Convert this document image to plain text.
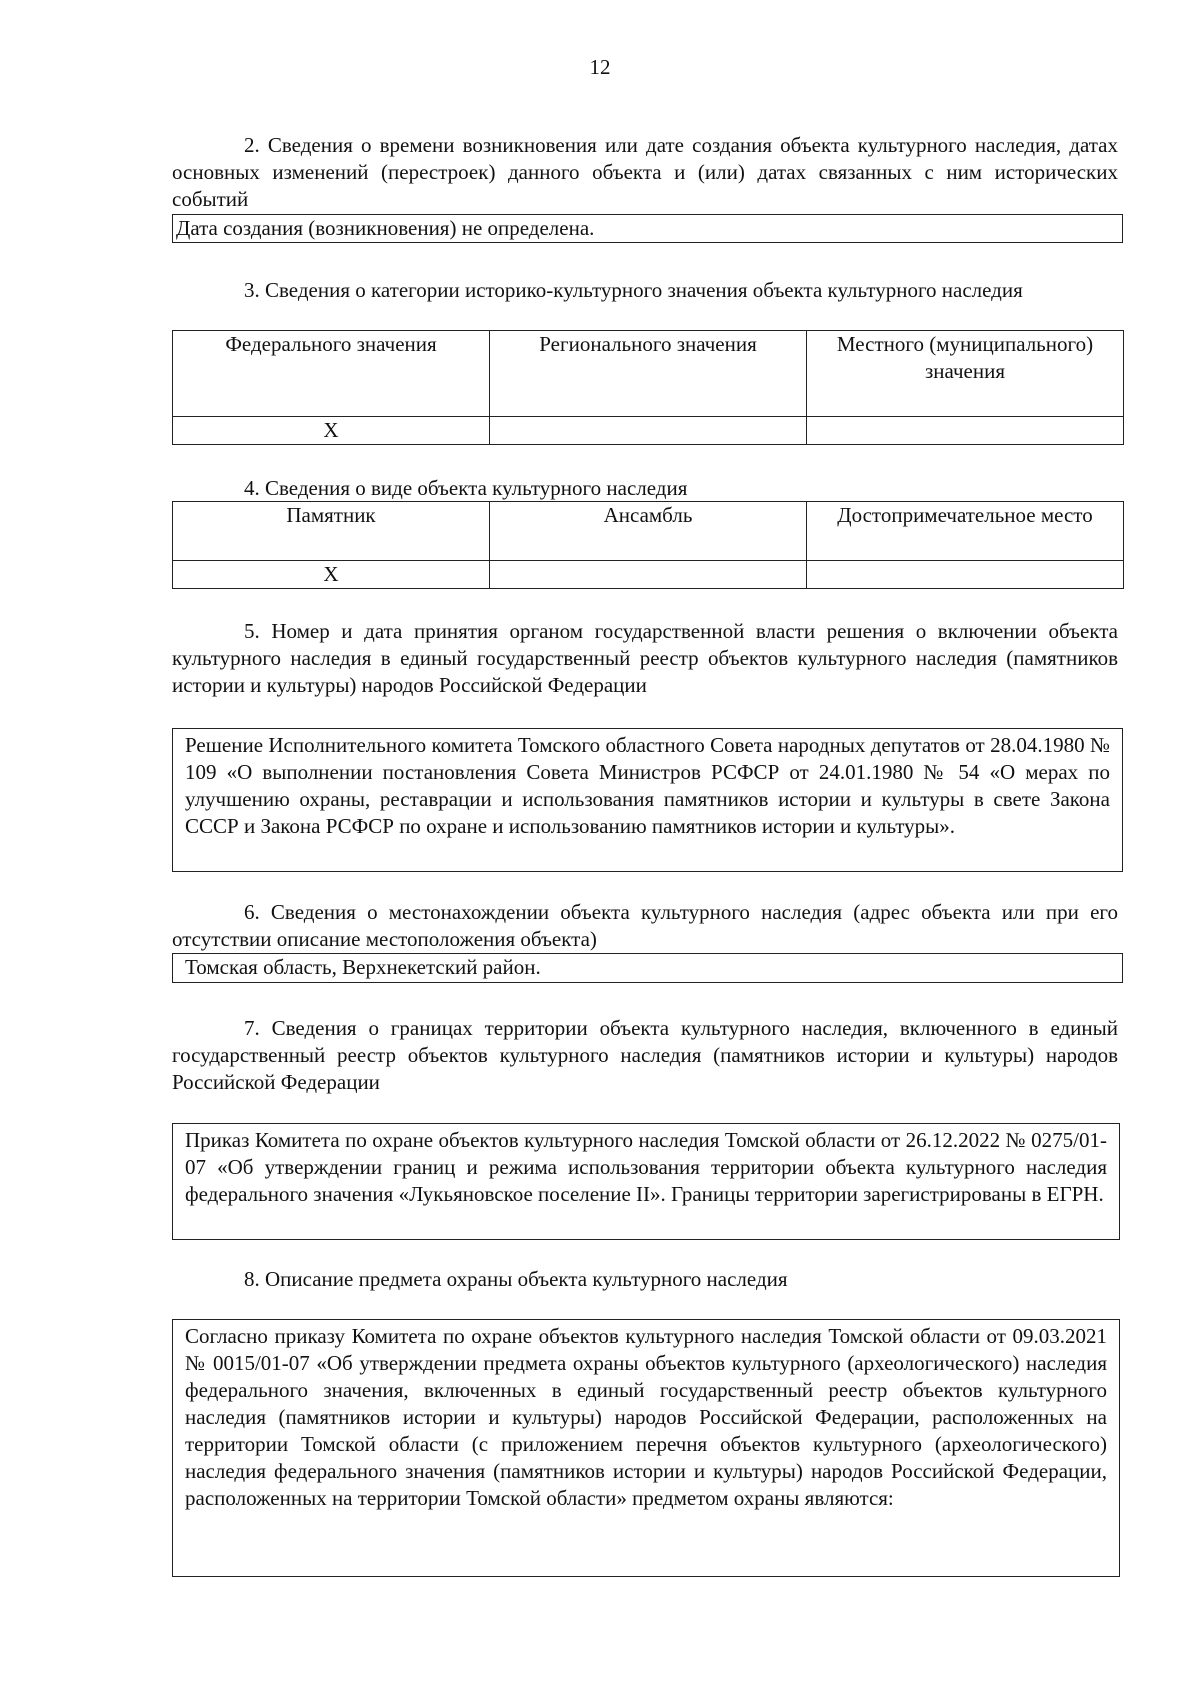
12

2. Сведения о времени возникновения или дате создания объекта культурного наследия, датах основных изменений (перестроек) данного объекта и (или) датах связанных с ним исторических событий

Дата создания (возникновения) не определена.

3. Сведения о категории историко-культурного значения объекта культурного наследия

Федерального значения	Регионального значения	Местного (муниципального) значения
X		

4. Сведения о виде объекта культурного наследия

Памятник	Ансамбль	Достопримечательное место
X		

5. Номер и дата принятия органом государственной власти решения о включении объекта культурного наследия в единый государственный реестр объектов культурного наследия (памятников истории и культуры) народов Российской Федерации

Решение Исполнительного комитета Томского областного Совета народных депутатов от 28.04.1980 № 109 «О выполнении постановления Совета Министров РСФСР от 24.01.1980 № 54 «О мерах по улучшению охраны, реставрации и использования памятников истории и культуры в свете Закона СССР и Закона РСФСР по охране и использованию памятников истории и культуры».

6. Сведения о местонахождении объекта культурного наследия (адрес объекта или при его отсутствии описание местоположения объекта)

Томская область, Верхнекетский район.

7. Сведения о границах территории объекта культурного наследия, включенного в единый государственный реестр объектов культурного наследия (памятников истории и культуры) народов Российской Федерации

Приказ Комитета по охране объектов культурного наследия Томской области от 26.12.2022 № 0275/01-07 «Об утверждении границ и режима использования территории объекта культурного наследия федерального значения «Лукьяновское поселение II». Границы территории зарегистрированы в ЕГРН.

8. Описание предмета охраны объекта культурного наследия

Согласно приказу Комитета по охране объектов культурного наследия Томской области от 09.03.2021 № 0015/01-07 «Об утверждении предмета охраны объектов культурного (археологического) наследия федерального значения, включенных в единый государственный реестр объектов культурного наследия (памятников истории и культуры) народов Российской Федерации, расположенных на территории Томской области (с приложением перечня объектов культурного (археологического) наследия федерального значения (памятников истории и культуры) народов Российской Федерации, расположенных на территории Томской области» предметом охраны являются:
